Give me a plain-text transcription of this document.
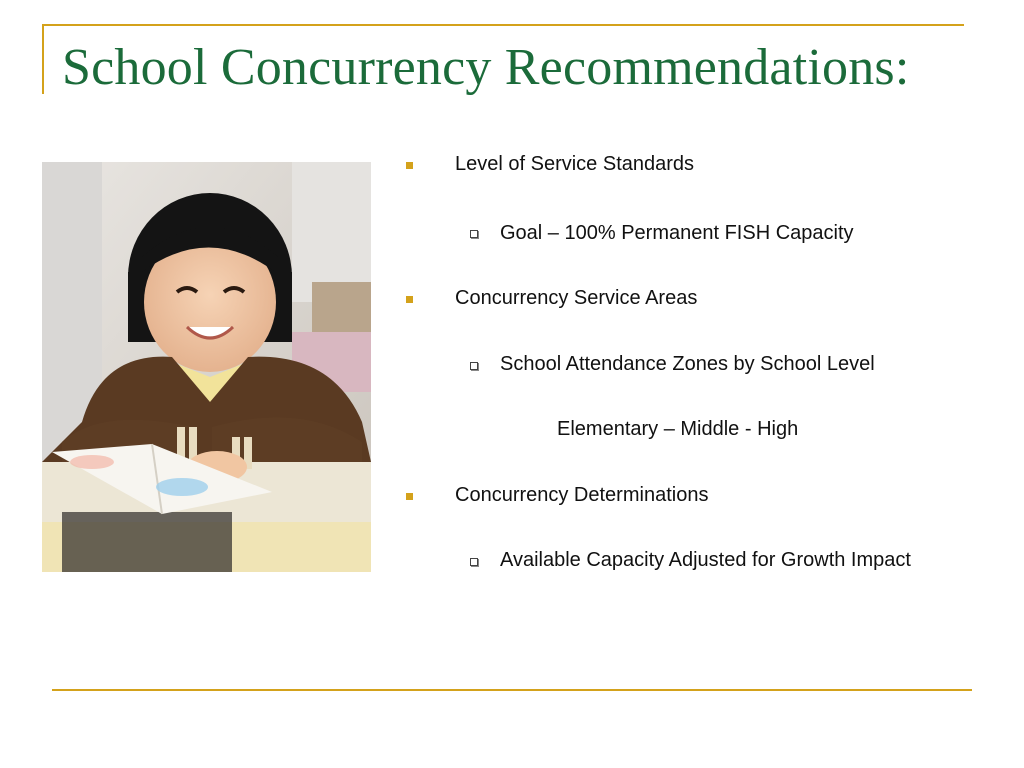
School Concurrency Recommendations:
Level of Service Standards
Goal – 100% Permanent FISH Capacity
Concurrency Service Areas
School Attendance Zones by School Level
Elementary – Middle - High
Concurrency Determinations
Available Capacity Adjusted for Growth Impact
